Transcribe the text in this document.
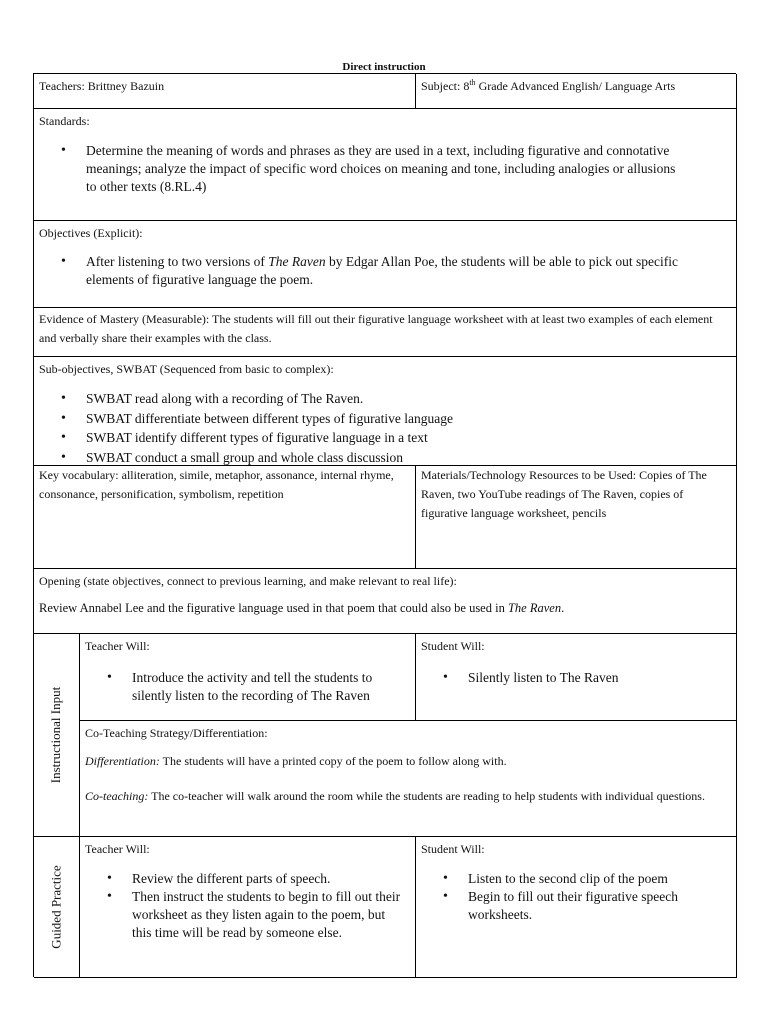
Direct instruction
Teachers: Brittney Bazuin	Subject: 8th Grade Advanced English/ Language Arts
Standards:
• Determine the meaning of words and phrases as they are used in a text, including figurative and connotative meanings; analyze the impact of specific word choices on meaning and tone, including analogies or allusions to other texts (8.RL.4)
Objectives (Explicit):
• After listening to two versions of The Raven by Edgar Allan Poe, the students will be able to pick out specific elements of figurative language the poem.

Evidence of Mastery (Measurable): The students will fill out their figurative language worksheet with at least two examples of each element and verbally share their examples with the class.

Sub-objectives, SWBAT (Sequenced from basic to complex):
• SWBAT read along with a recording of The Raven.
• SWBAT differentiate between different types of figurative language
• SWBAT identify different types of figurative language in a text
• SWBAT conduct a small group and whole class discussion

Key vocabulary: alliteration, simile, metaphor, assonance, internal rhyme, consonance, personification, symbolism, repetition

Materials/Technology Resources to be Used: Copies of The Raven, two YouTube readings of The Raven, copies of figurative language worksheet, pencils

Opening (state objectives, connect to previous learning, and make relevant to real life):

Review Annabel Lee and the figurative language used in that poem that could also be used in The Raven.

Instructional Input
Teacher Will:
• Introduce the activity and tell the students to silently listen to the recording of The Raven
Student Will:
• Silently listen to The Raven
Co-Teaching Strategy/Differentiation:

Differentiation: The students will have a printed copy of the poem to follow along with.

Co-teaching: The co-teacher will walk around the room while the students are reading to help students with individual questions.

Guided Practice
Teacher Will:
• Review the different parts of speech.
• Then instruct the students to begin to fill out their worksheet as they listen again to the poem, but this time will be read by someone else.
Student Will:
• Listen to the second clip of the poem
• Begin to fill out their figurative speech worksheets.
